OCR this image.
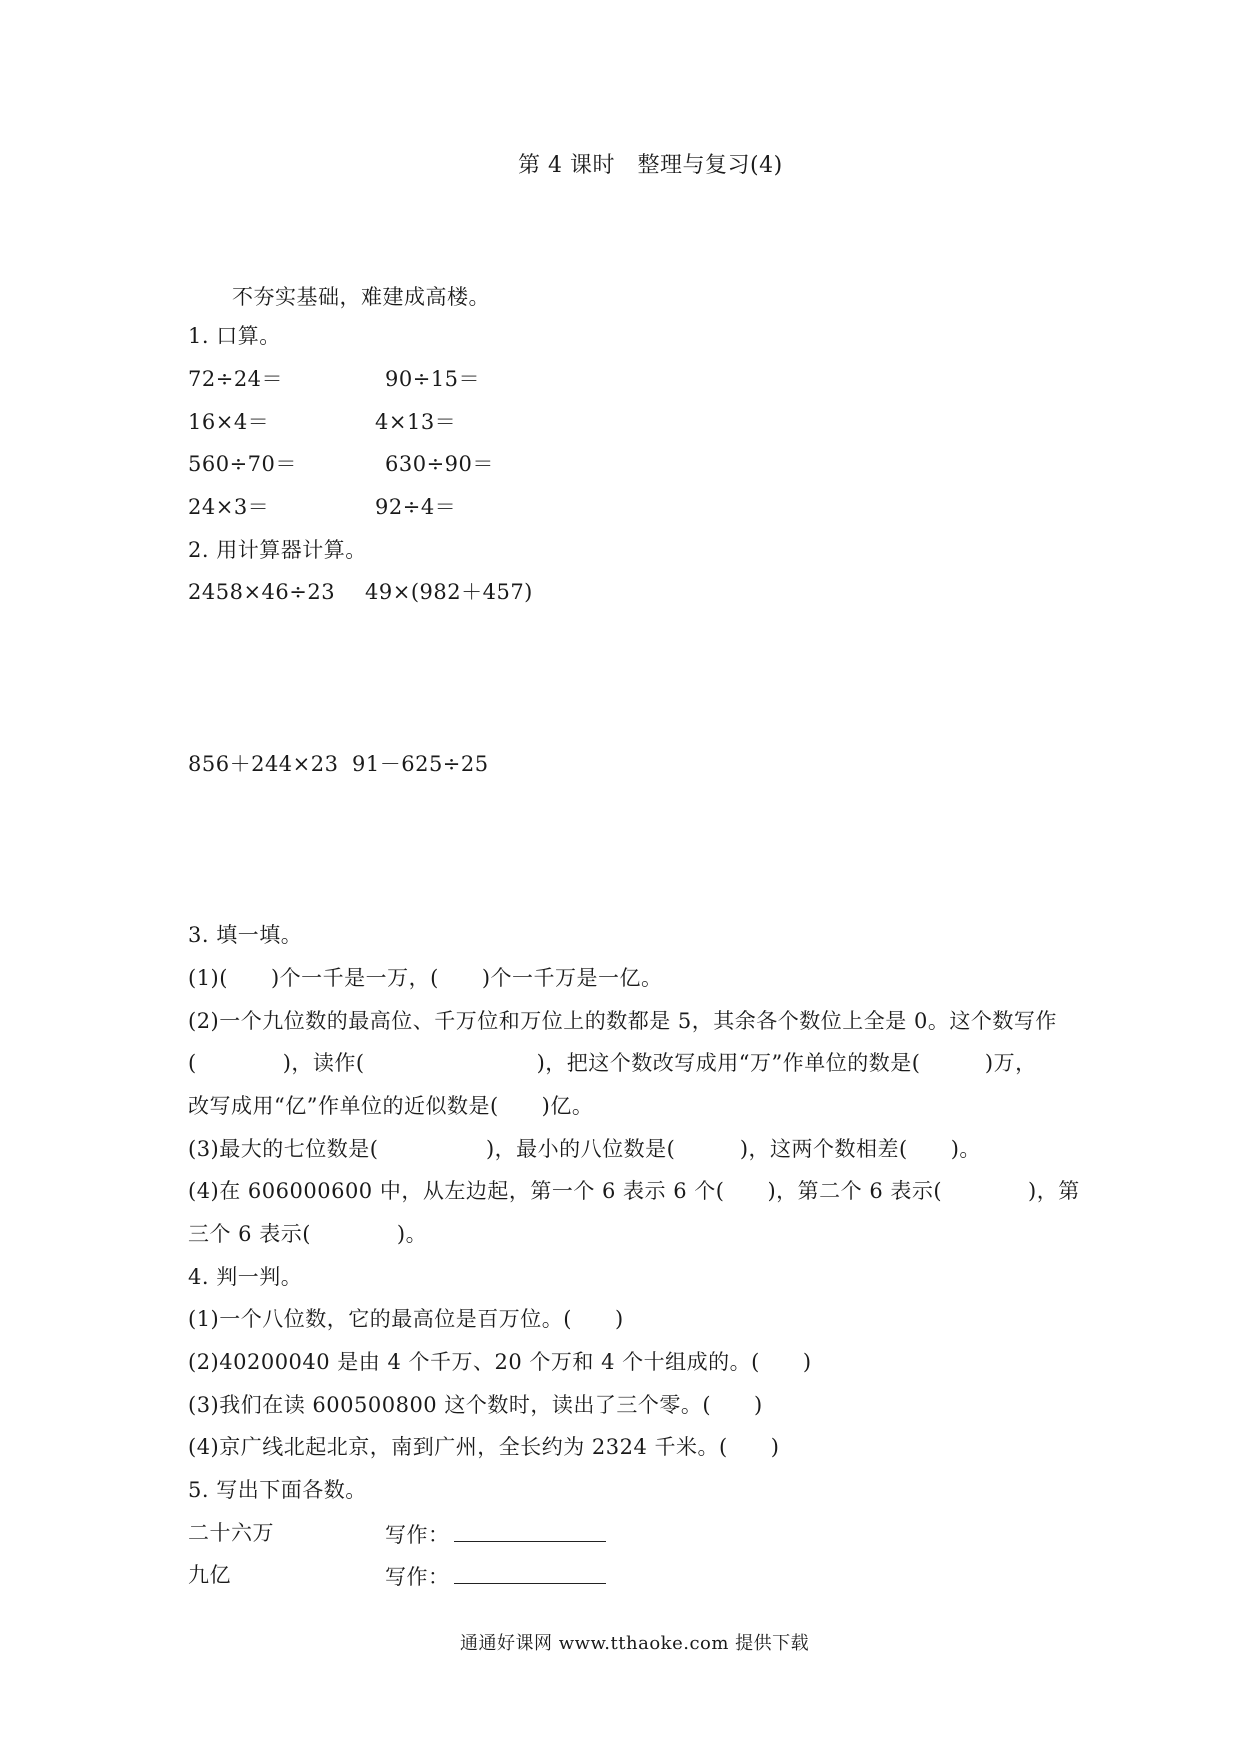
第 4 课时　整理与复习(4)
不夯实基础，难建成高楼。
1. 口算。
72÷24＝	90÷15＝
16×4＝	4×13＝
560÷70＝	630÷90＝
24×3＝	92÷4＝
2. 用计算器计算。
2458×46÷23 49×(982＋457)
856＋244×23 91－625÷25
3. 填一填。
(1)(　　)个一千是一万，(　　)个一千万是一亿。
(2)一个九位数的最高位、千万位和万位上的数都是 5，其余各个数位上全是 0。这个数写作
(　　　　)，读作(　　　　　　　　)，把这个数改写成用“万”作单位的数是(　　　)万，
改写成用“亿”作单位的近似数是(　　)亿。
(3)最大的七位数是(　　　　　)，最小的八位数是(　　　)，这两个数相差(　　)。
(4)在 606000600 中，从左边起，第一个 6 表示 6 个(　　)，第二个 6 表示(　　　　)，第
三个 6 表示(　　　　)。
4. 判一判。
(1)一个八位数，它的最高位是百万位。(　　)
(2)40200040 是由 4 个千万、20 个万和 4 个十组成的。(　　)
(3)我们在读 600500800 这个数时，读出了三个零。(　　)
(4)京广线北起北京，南到广州，全长约为 2324 千米。(　　)
5. 写出下面各数。
二十六万	写作：
九亿	写作：
通通好课网 www.tthaoke.com 提供下载
